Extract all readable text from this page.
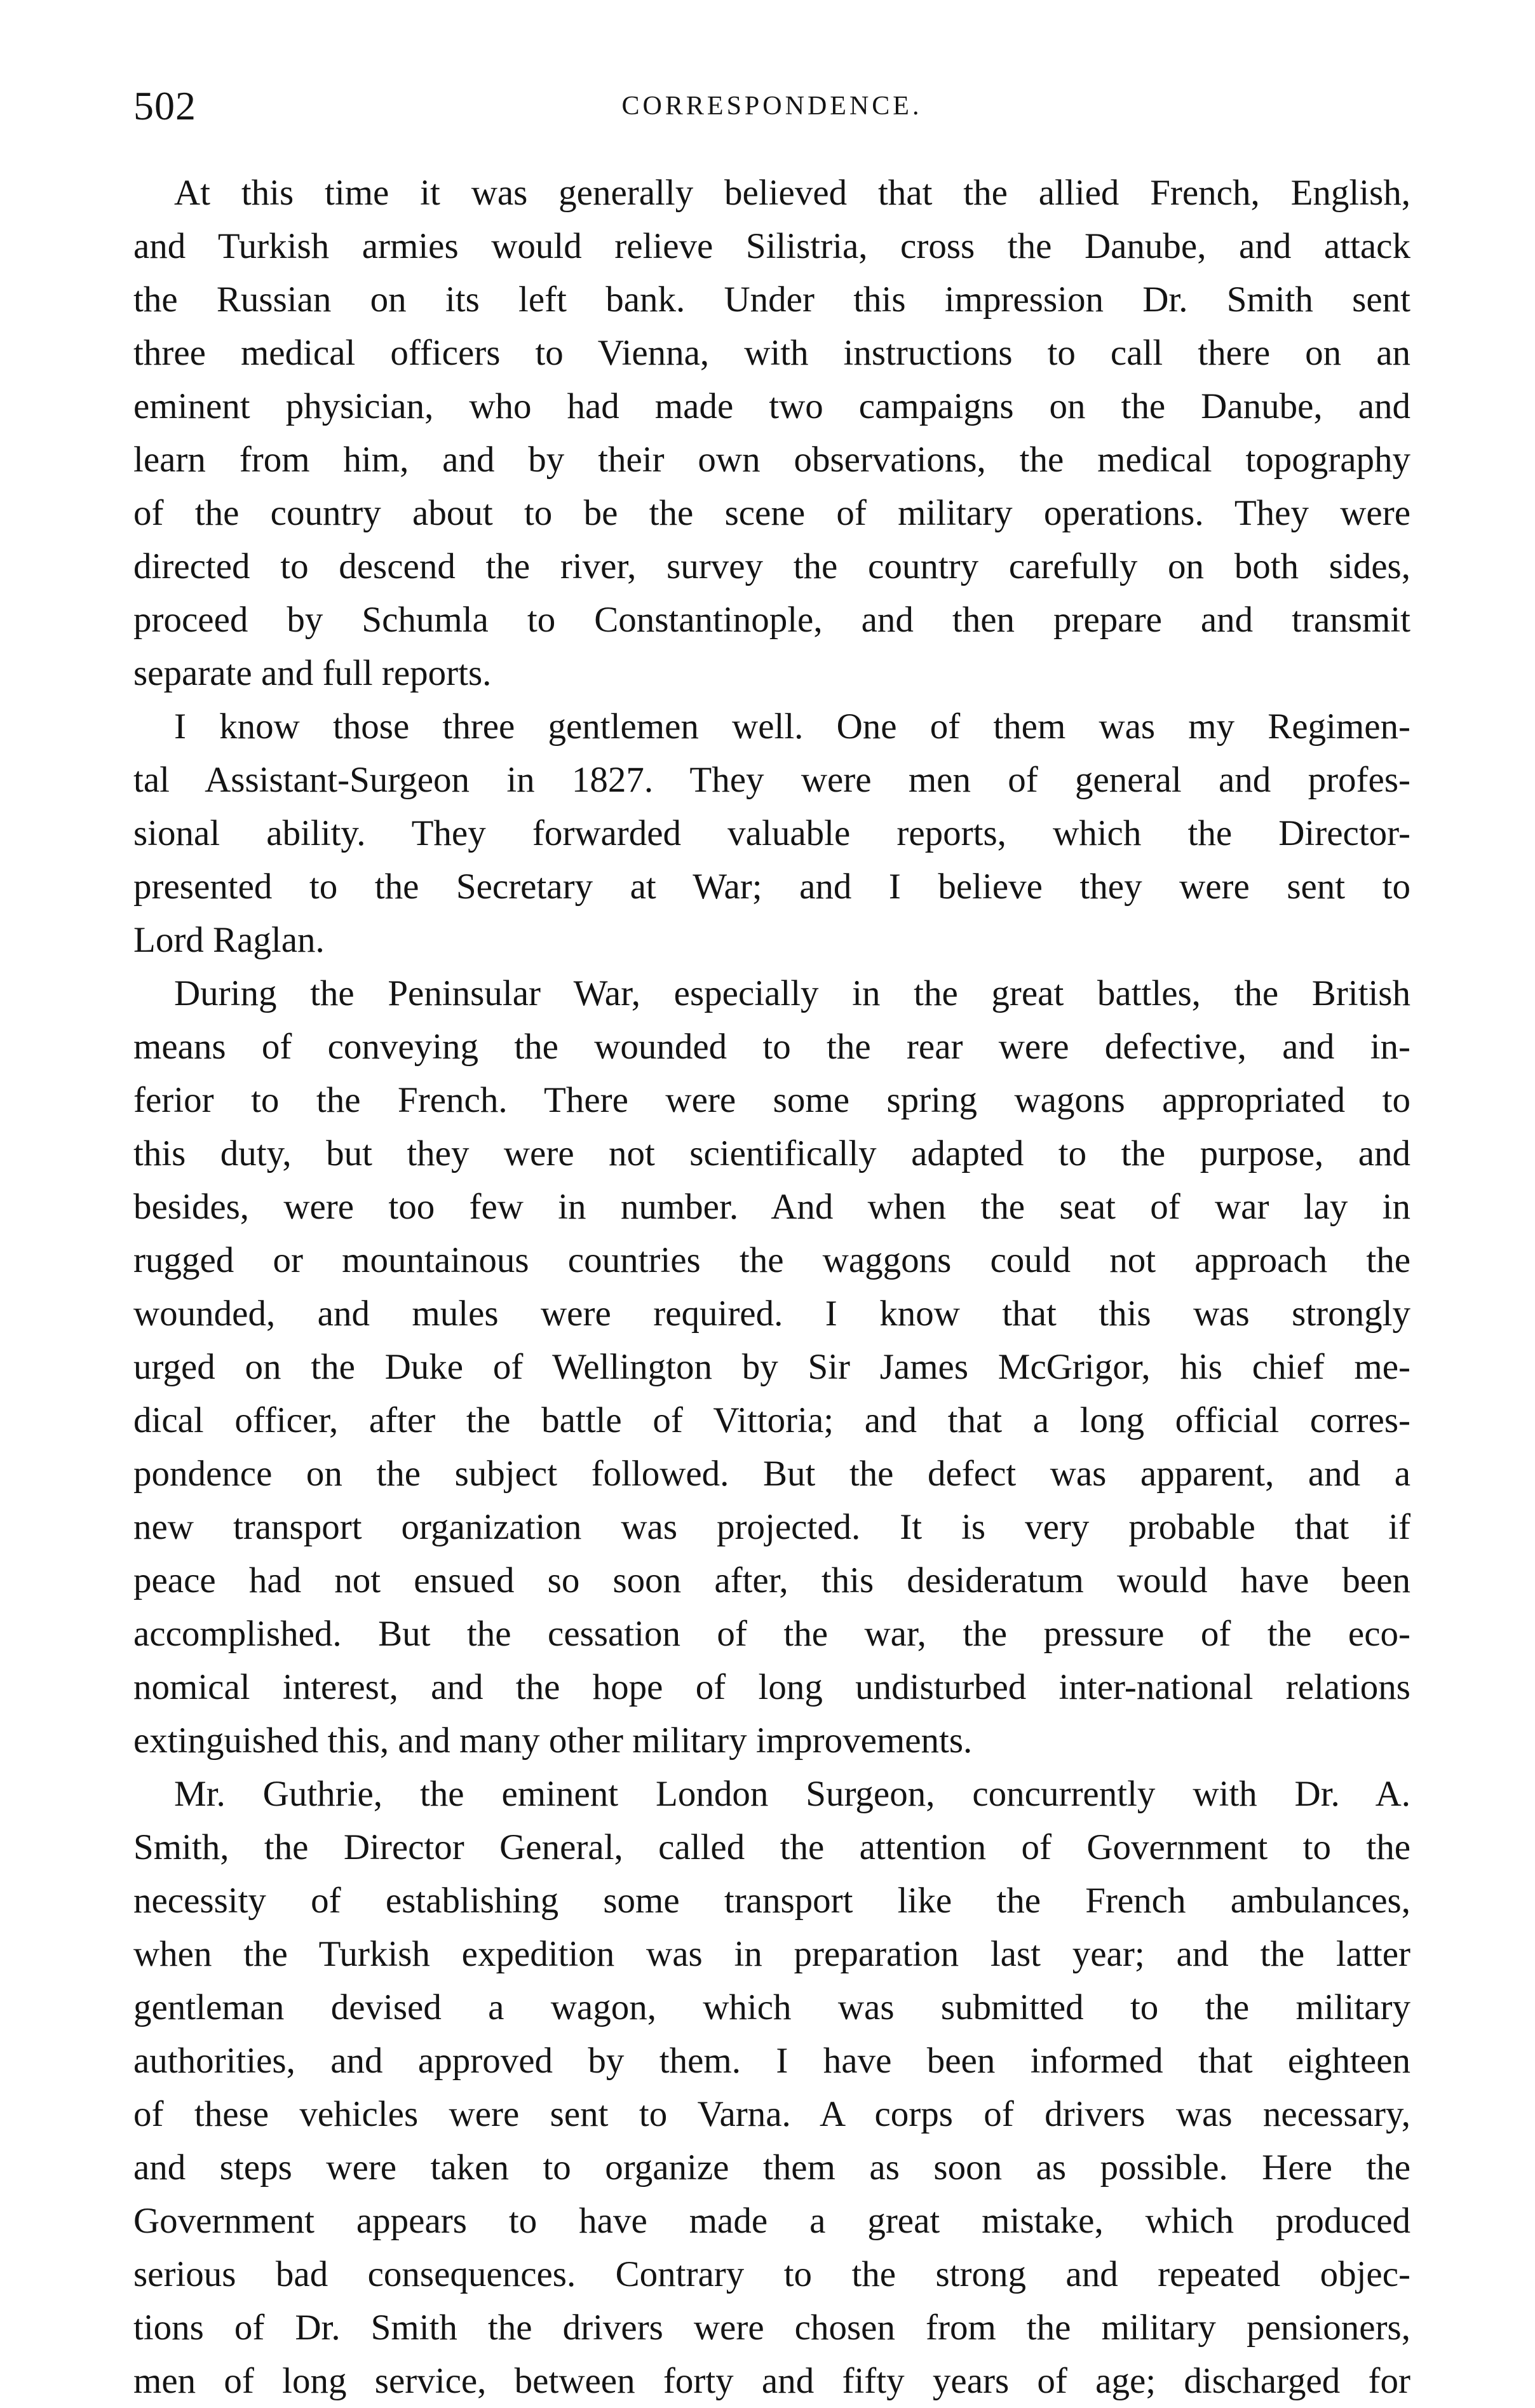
502	CORRESPONDENCE.
At this time it was generally believed that the allied French, English,
and Turkish armies would relieve Silistria, cross the Danube, and attack
the Russian on its left bank. Under this impression Dr. Smith sent
three medical officers to Vienna, with instructions to call there on an
eminent physician, who had made two campaigns on the Danube, and
learn from him, and by their own observations, the medical topography
of the country about to be the scene of military operations. They were
directed to descend the river, survey the country carefully on both sides,
proceed by Schumla to Constantinople, and then prepare and transmit
separate and full reports.
I know those three gentlemen well. One of them was my Regimen-
tal Assistant-Surgeon in 1827. They were men of general and profes-
sional ability. They forwarded valuable reports, which the Director-
presented to the Secretary at War; and I believe they were sent to
Lord Raglan.
During the Peninsular War, especially in the great battles, the British
means of conveying the wounded to the rear were defective, and in-
ferior to the French. There were some spring wagons appropriated to
this duty, but they were not scientifically adapted to the purpose, and
besides, were too few in number. And when the seat of war lay in
rugged or mountainous countries the waggons could not approach the
wounded, and mules were required. I know that this was strongly
urged on the Duke of Wellington by Sir James McGrigor, his chief me-
dical officer, after the battle of Vittoria; and that a long official corres-
pondence on the subject followed. But the defect was apparent, and a
new transport organization was projected. It is very probable that if
peace had not ensued so soon after, this desideratum would have been
accomplished. But the cessation of the war, the pressure of the eco-
nomical interest, and the hope of long undisturbed inter-national relations
extinguished this, and many other military improvements.
Mr. Guthrie, the eminent London Surgeon, concurrently with Dr. A.
Smith, the Director General, called the attention of Government to the
necessity of establishing some transport like the French ambulances,
when the Turkish expedition was in preparation last year; and the latter
gentleman devised a wagon, which was submitted to the military
authorities, and approved by them. I have been informed that eighteen
of these vehicles were sent to Varna. A corps of drivers was necessary,
and steps were taken to organize them as soon as possible. Here the
Government appears to have made a great mistake, which produced
serious bad consequences. Contrary to the strong and repeated objec-
tions of Dr. Smith the drivers were chosen from the military pensioners,
men of long service, between forty and fifty years of age; discharged for
